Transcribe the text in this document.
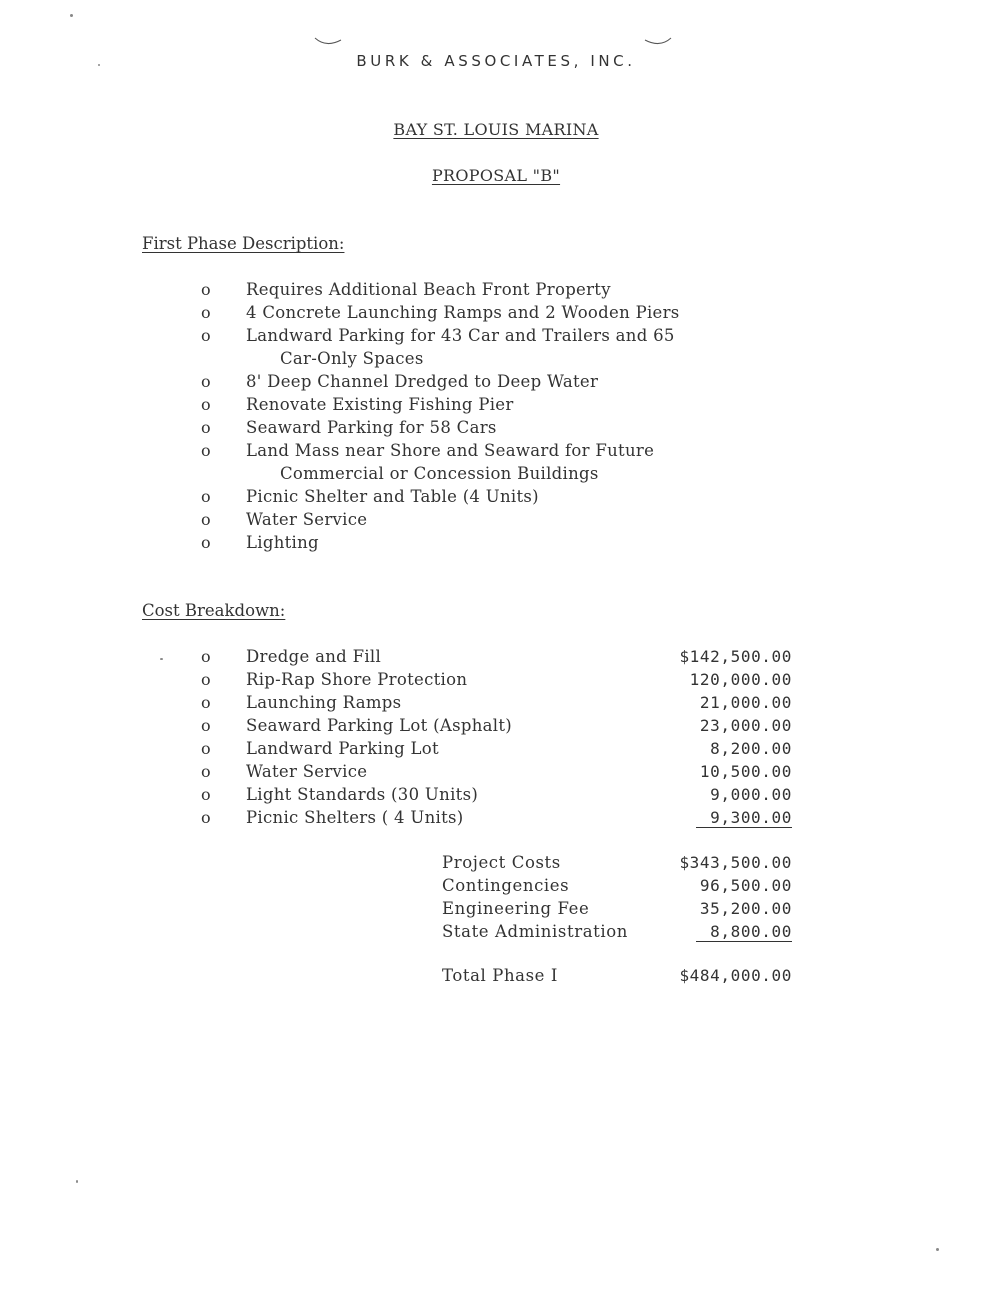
BURK & ASSOCIATES, INC.
BAY ST. LOUIS MARINA
PROPOSAL "B"
First Phase Description:
o Requires Additional Beach Front Property
o 4 Concrete Launching Ramps and 2 Wooden Piers
o Landward Parking for 43 Car and Trailers and 65
Car-Only Spaces
o 8' Deep Channel Dredged to Deep Water
o Renovate Existing Fishing Pier
o Seaward Parking for 58 Cars
o Land Mass near Shore and Seaward for Future
Commercial or Concession Buildings
o Picnic Shelter and Table (4 Units)
o Water Service
o Lighting
Cost Breakdown:
o Dredge and Fill	$142,500.00
o Rip-Rap Shore Protection	120,000.00
o Launching Ramps	21,000.00
o Seaward Parking Lot (Asphalt)	23,000.00
o Landward Parking Lot	8,200.00
o Water Service	10,500.00
o Light Standards (30 Units)	9,000.00
o Picnic Shelters ( 4 Units)	9,300.00
Project Costs	$343,500.00
Contingencies	96,500.00
Engineering Fee	35,200.00
State Administration	8,800.00
Total Phase I	$484,000.00
